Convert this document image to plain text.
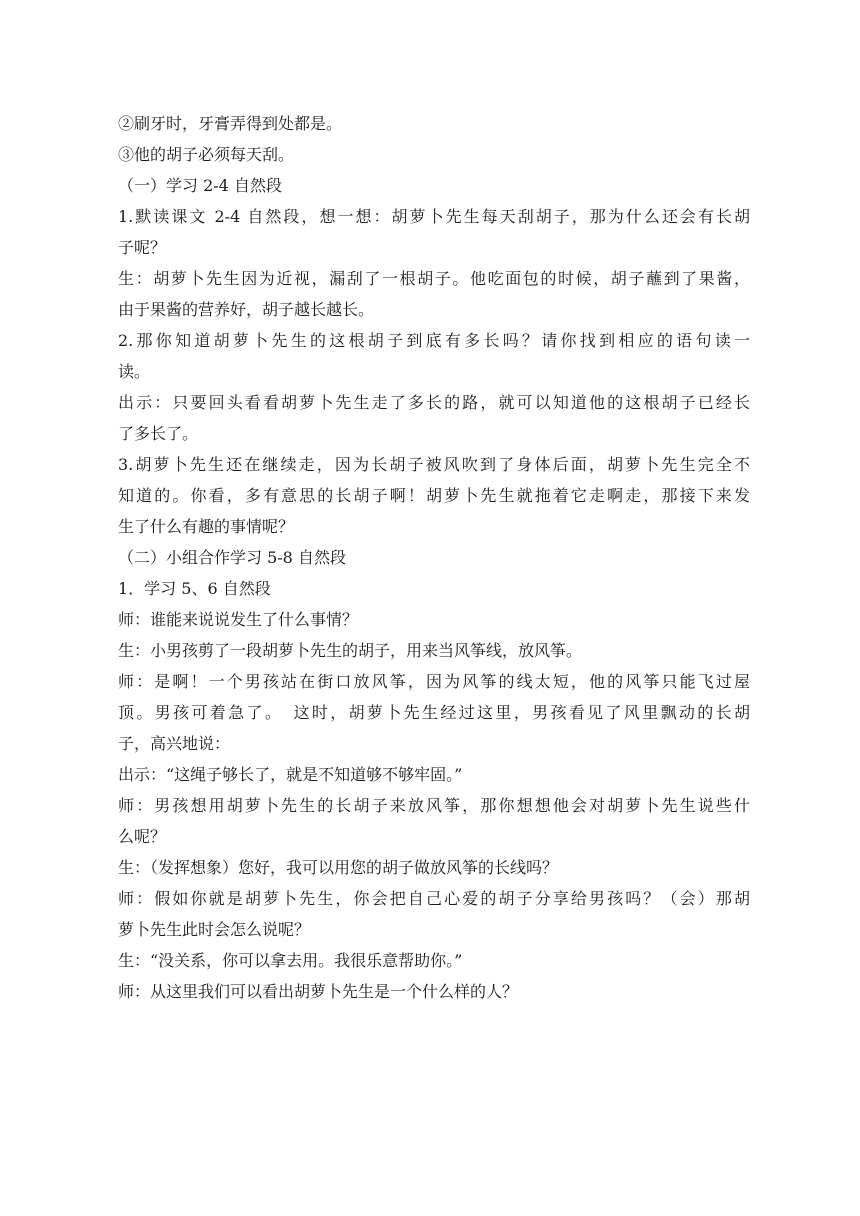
②刷牙时，牙膏弄得到处都是。
③他的胡子必须每天刮。
（一）学习 2-4 自然段
1.默读课文 2-4 自然段，想一想：胡萝卜先生每天刮胡子，那为什么还会有长胡
子呢？
生：胡萝卜先生因为近视，漏刮了一根胡子。他吃面包的时候，胡子蘸到了果酱，
由于果酱的营养好，胡子越长越长。
2.那你知道胡萝卜先生的这根胡子到底有多长吗？请你找到相应的语句读一
读。
出示：只要回头看看胡萝卜先生走了多长的路，就可以知道他的这根胡子已经长
了多长了。
3.胡萝卜先生还在继续走，因为长胡子被风吹到了身体后面，胡萝卜先生完全不
知道的。你看，多有意思的长胡子啊！胡萝卜先生就拖着它走啊走，那接下来发
生了什么有趣的事情呢？
（二）小组合作学习 5-8 自然段
1．学习 5、6 自然段
师：谁能来说说发生了什么事情？
生：小男孩剪了一段胡萝卜先生的胡子，用来当风筝线，放风筝。
师：是啊！一个男孩站在街口放风筝，因为风筝的线太短，他的风筝只能飞过屋
顶。男孩可着急了。　这时，胡萝卜先生经过这里，男孩看见了风里飘动的长胡
子，高兴地说：
出示：“这绳子够长了，就是不知道够不够牢固。”
师：男孩想用胡萝卜先生的长胡子来放风筝，那你想想他会对胡萝卜先生说些什
么呢？
生：（发挥想象）您好，我可以用您的胡子做放风筝的长线吗？
师：假如你就是胡萝卜先生，你会把自己心爱的胡子分享给男孩吗？（会）那胡
萝卜先生此时会怎么说呢？
生：“没关系，你可以拿去用。我很乐意帮助你。”
师：从这里我们可以看出胡萝卜先生是一个什么样的人？
